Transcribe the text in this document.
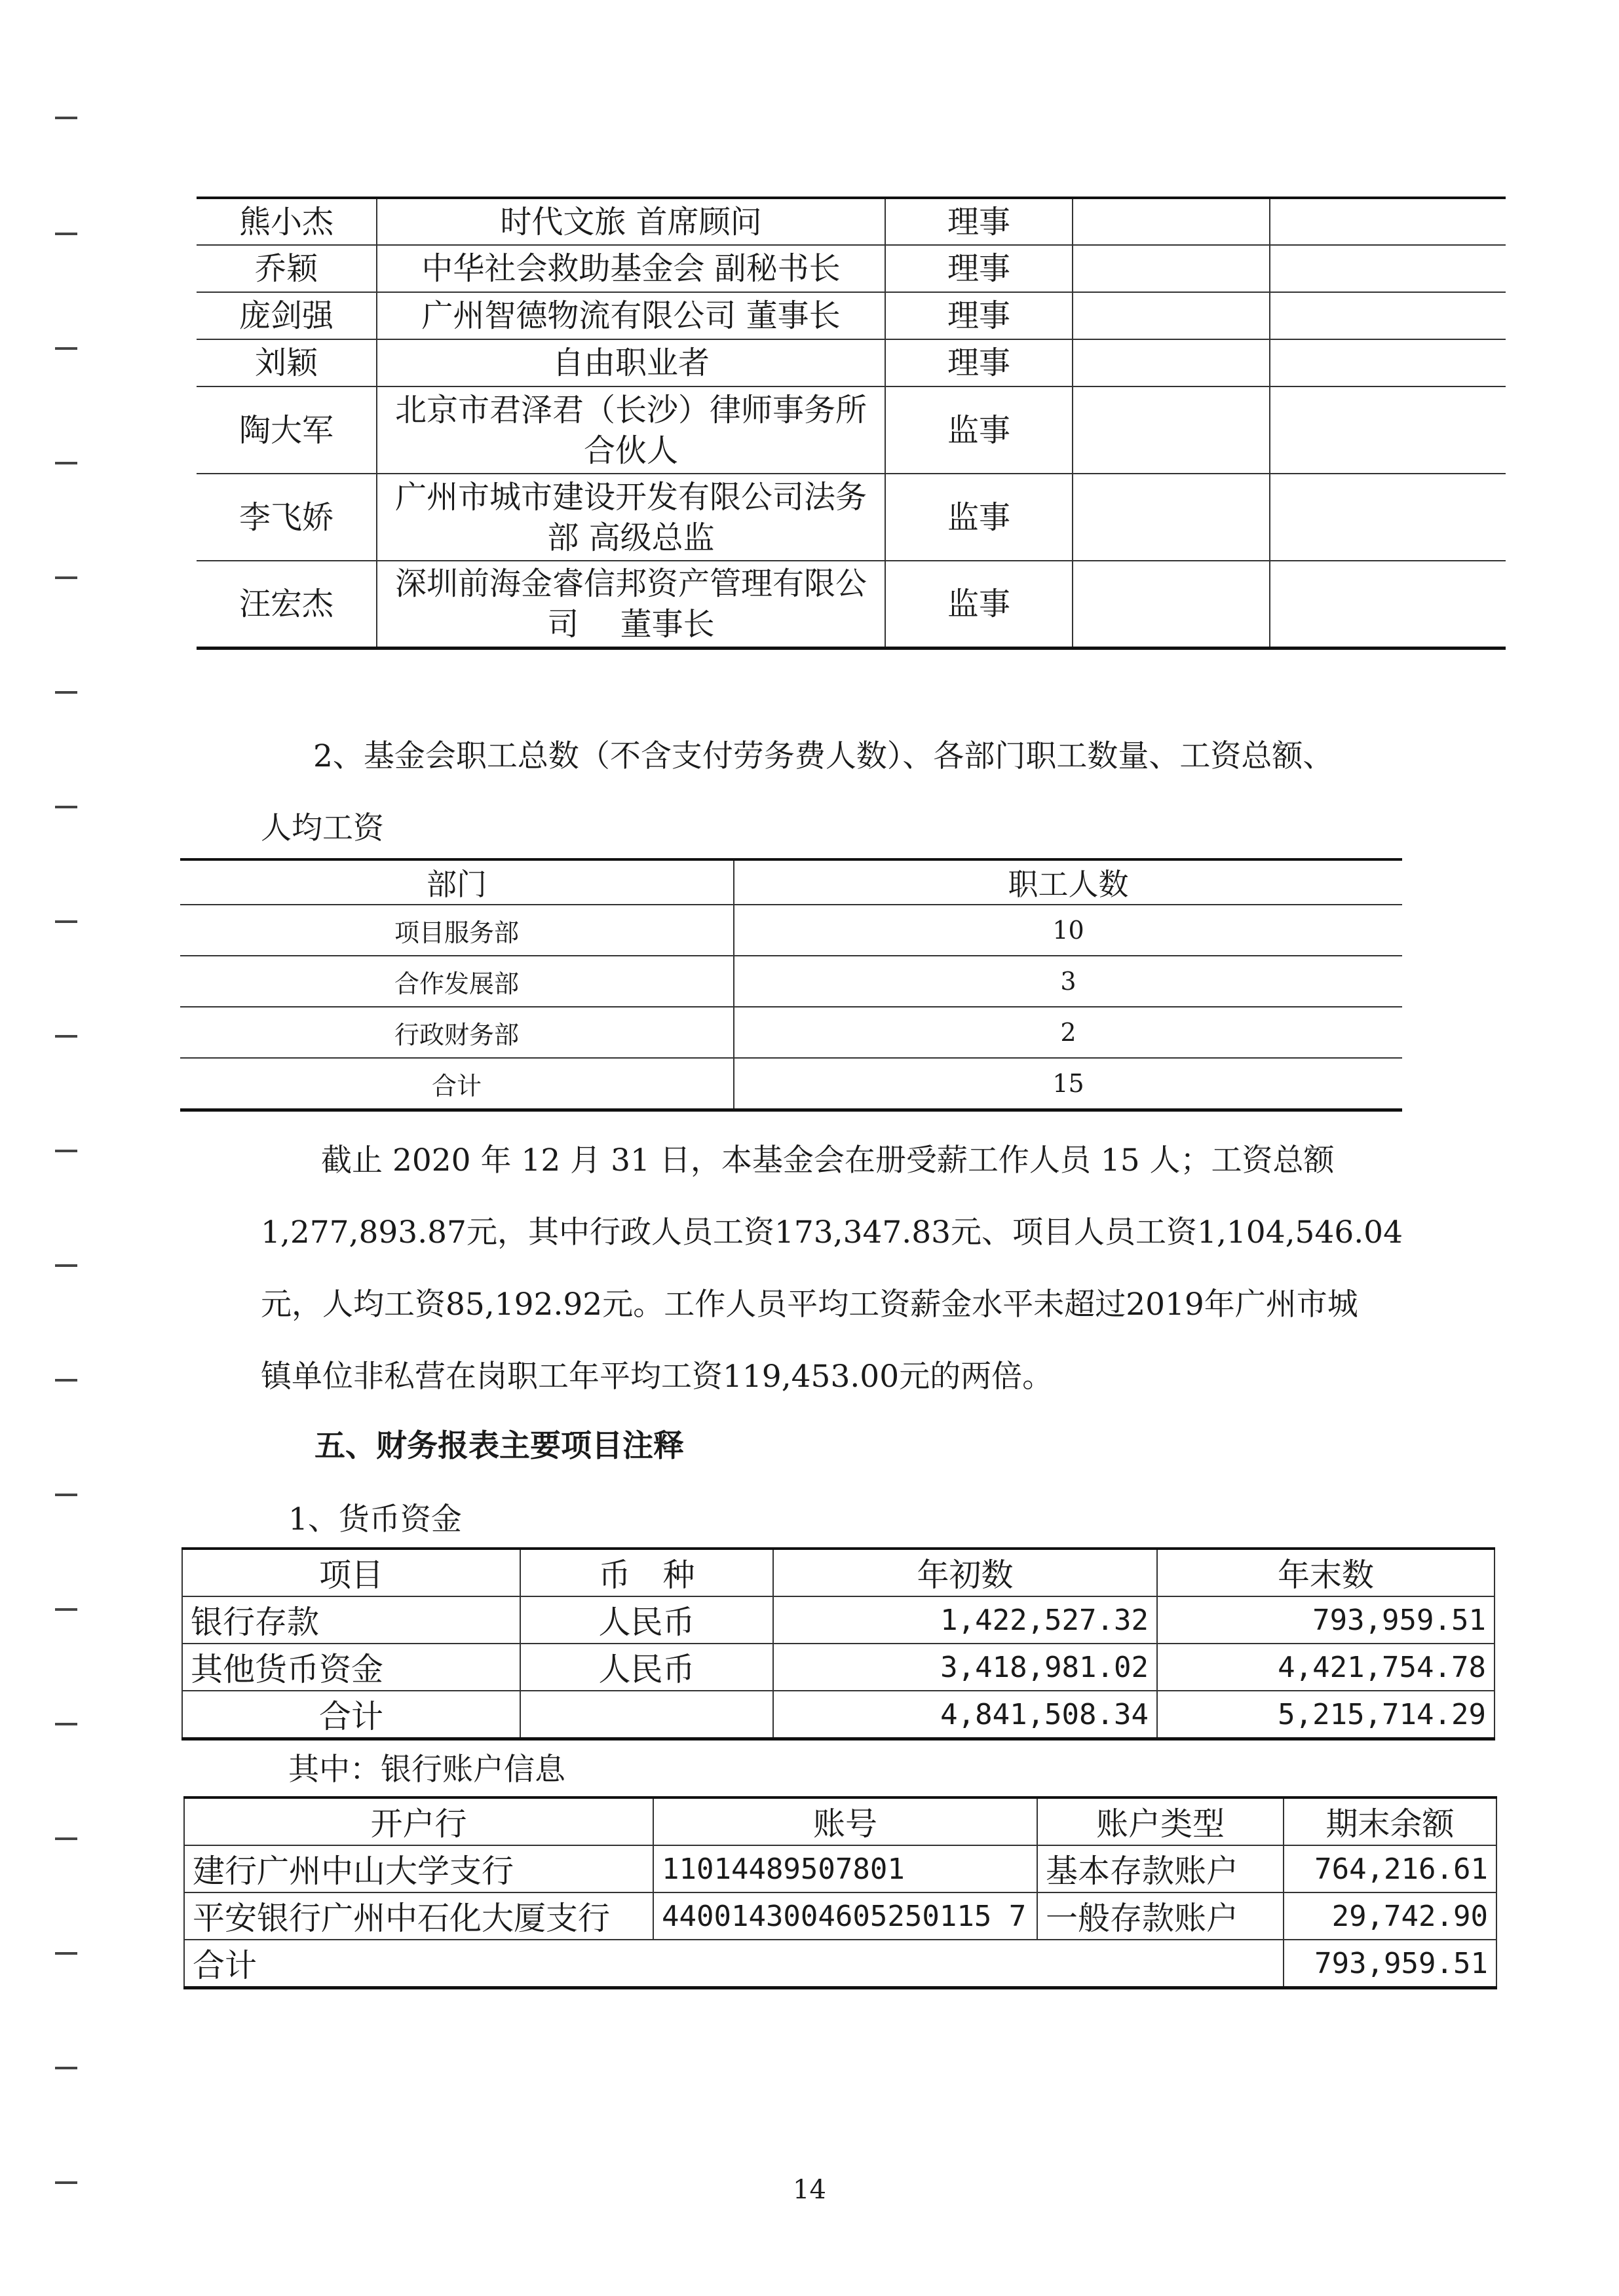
熊小杰	时代文旅 首席顾问	理事		
乔颖	中华社会救助基金会 副秘书长	理事		
庞剑强	广州智德物流有限公司 董事长	理事		
刘颖	自由职业者	理事		
陶大军	北京市君泽君（长沙）律师事务所
合伙人	监事		
李飞娇	广州市城市建设开发有限公司法务
部 高级总监	监事		
汪宏杰	深圳前海金睿信邦资产管理有限公
司　 董事长	监事		
2、基金会职工总数（不含支付劳务费人数）、各部门职工数量、工资总额、
人均工资
部门	职工人数
项目服务部	10
合作发展部	3
行政财务部	2
合计	15
截止 2020 年 12 月 31 日，本基金会在册受薪工作人员 15 人；工资总额
1,277,893.87元，其中行政人员工资173,347.83元、项目人员工资1,104,546.04
元，人均工资85,192.92元。工作人员平均工资薪金水平未超过2019年广州市城
镇单位非私营在岗职工年平均工资119,453.00元的两倍。
五、财务报表主要项目注释
1、货币资金
项目	币　种	年初数	年末数
银行存款	人民币	1,422,527.32	793,959.51
其他货币资金	人民币	3,418,981.02	4,421,754.78
合计		4,841,508.34	5,215,714.29
其中：银行账户信息
开户行	账号	账户类型	期末余额
建行广州中山大学支行	11014489507801	基本存款账户	764,216.61
平安银行广州中石化大厦支行	4400143004605250115 7	一般存款账户	29,742.90
合计			793,959.51
14
